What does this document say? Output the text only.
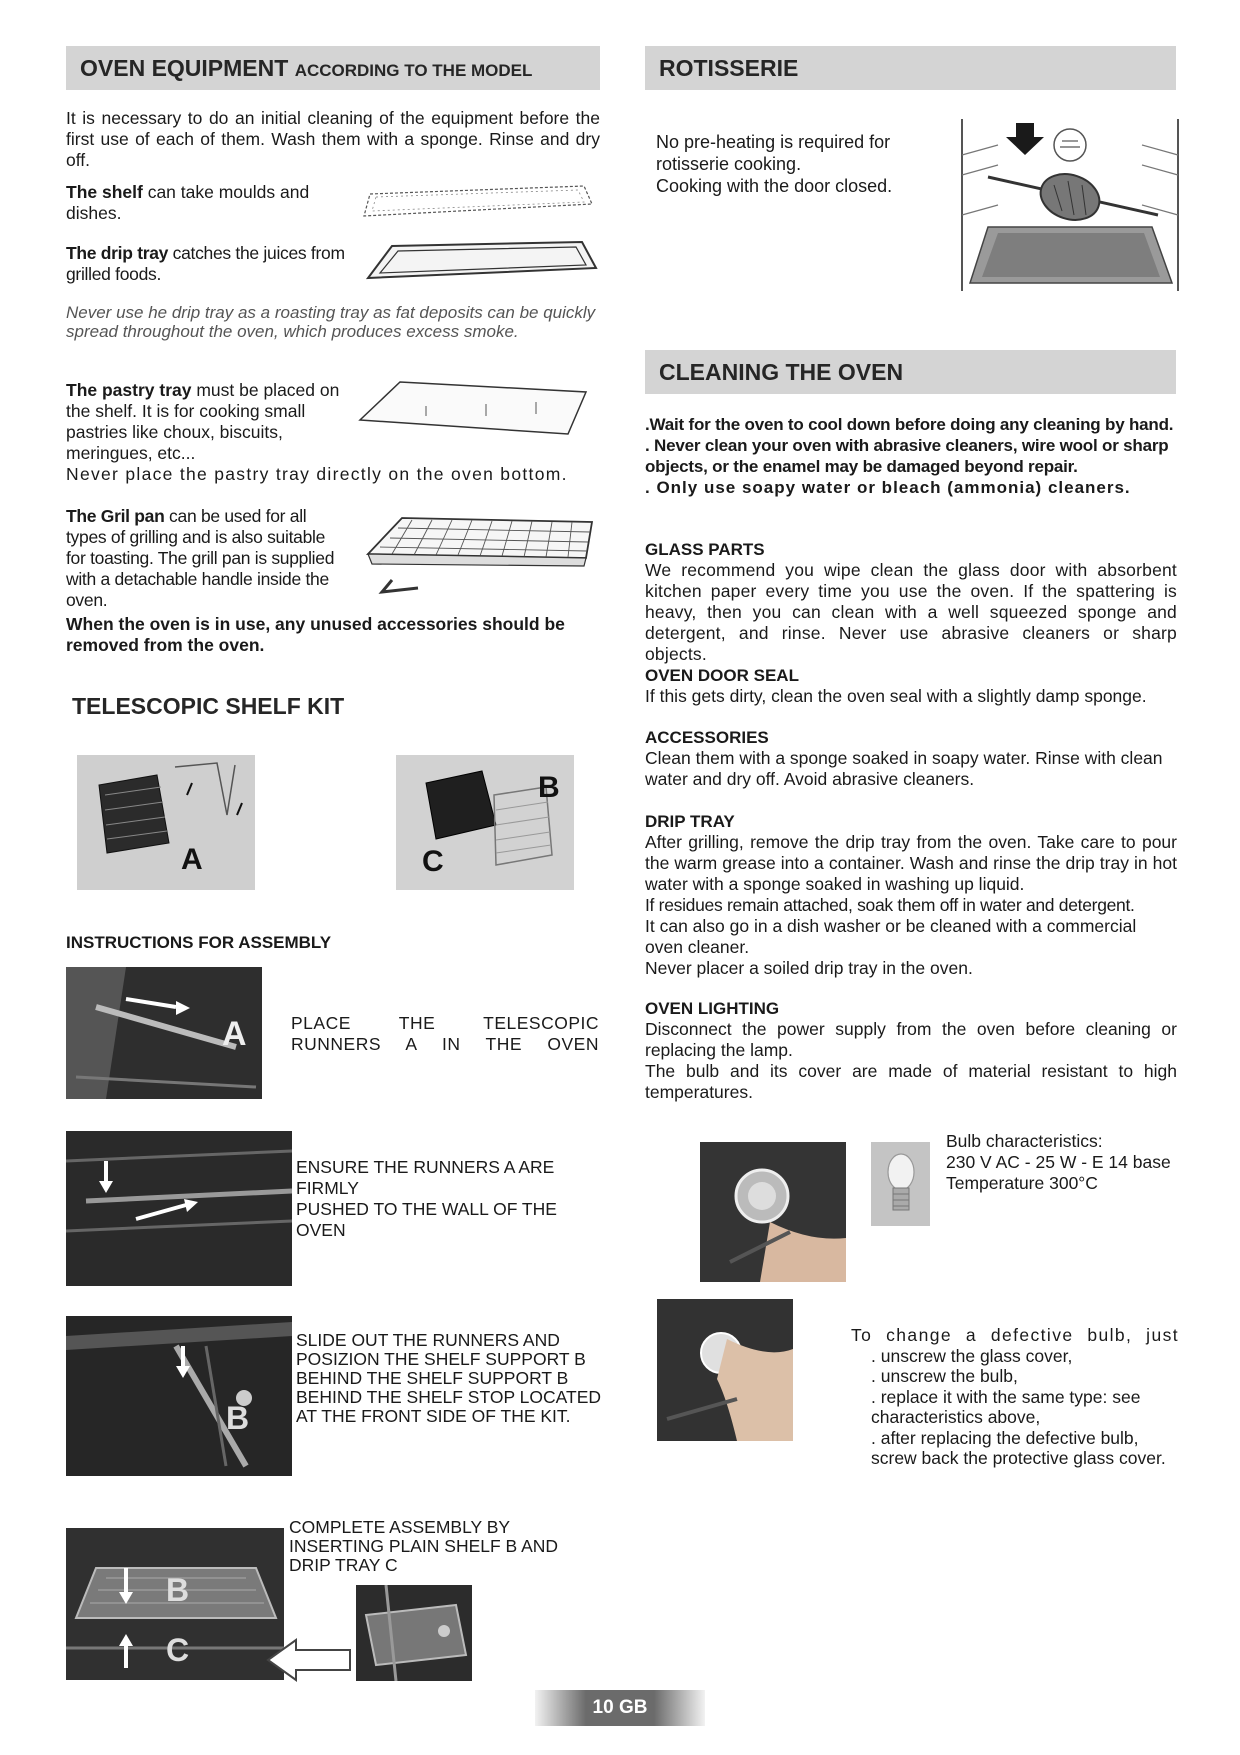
OVEN EQUIPMENT ACCORDING TO THE MODEL

It is necessary to do an initial cleaning of the equipment before the first use of each of them. Wash them with a sponge. Rinse and dry off.

The shelf can take moulds and dishes.

The drip tray catches the juices from grilled foods.

Never use he drip tray as a roasting tray as fat deposits can be quickly spread throughout the oven, which produces excess smoke.

The pastry tray must be placed on the shelf. It is for cooking small pastries like choux, biscuits, meringues, etc...

Never place the pastry tray directly on the oven bottom.

The Gril pan can be used for all types of grilling and is also suitable for toasting. The grill pan is supplied with a detachable handle inside the oven.

When the oven is in use, any unused accessories should be removed from the oven.

TELESCOPIC SHELF KIT
A
B
C
INSTRUCTIONS FOR ASSEMBLY
A	PLACE THE TELESCOPIC RUNNERS A IN THE OVEN

ENSURE THE RUNNERS A ARE FIRMLY

PUSHED TO THE WALL OF THE OVEN

B

SLIDE OUT THE RUNNERS AND POSIZION THE SHELF SUPPORT B BEHIND THE SHELF SUPPORT B BEHIND THE SHELF STOP LOCATED AT THE FRONT SIDE OF THE KIT.

B
C

COMPLETE ASSEMBLY BY INSERTING PLAIN SHELF B AND DRIP TRAY C

ROTISSERIE
No pre-heating is required for
rotisserie cooking.
Cooking with the door closed.
CLEANING THE OVEN
.Wait for the oven to cool down before doing any cleaning by hand.
. Never clean your oven with abrasive cleaners, wire wool or sharp objects, or the enamel may be damaged beyond repair.
. Only use soapy water or bleach (ammonia) cleaners.
GLASS PARTS

We recommend you wipe clean the glass door with absorbent kitchen paper every time you use the oven. If the spattering is heavy, then you can clean with a well squeezed sponge and detergent, and rinse. Never use abrasive cleaners or sharp objects.

OVEN DOOR SEAL

If this gets dirty, clean the oven seal with a slightly damp sponge.

ACCESSORIES

Clean them with a sponge soaked in soapy water. Rinse with clean water and dry off. Avoid abrasive cleaners.

DRIP TRAY
After grilling, remove the drip tray from the oven. Take care to pour the warm grease into a container. Wash and rinse the drip tray in hot water with a sponge soaked in washing up liquid.
If residues remain attached, soak them off in water and detergent.
It can also go in a dish washer or be cleaned with a commercial oven cleaner.
Never placer a soiled drip tray in the oven.
OVEN LIGHTING
Disconnect the power supply from the oven before cleaning or replacing the lamp.
The bulb and its cover are made of material resistant to high temperatures.
Bulb characteristics:
230 V AC - 25 W - E 14 base
Temperature 300°C
To change a defective bulb, just
. unscrew the glass cover,
. unscrew the bulb,
. replace it with the same type: see characteristics above,
. after replacing the defective bulb, screw back the protective glass cover.
10 GB
